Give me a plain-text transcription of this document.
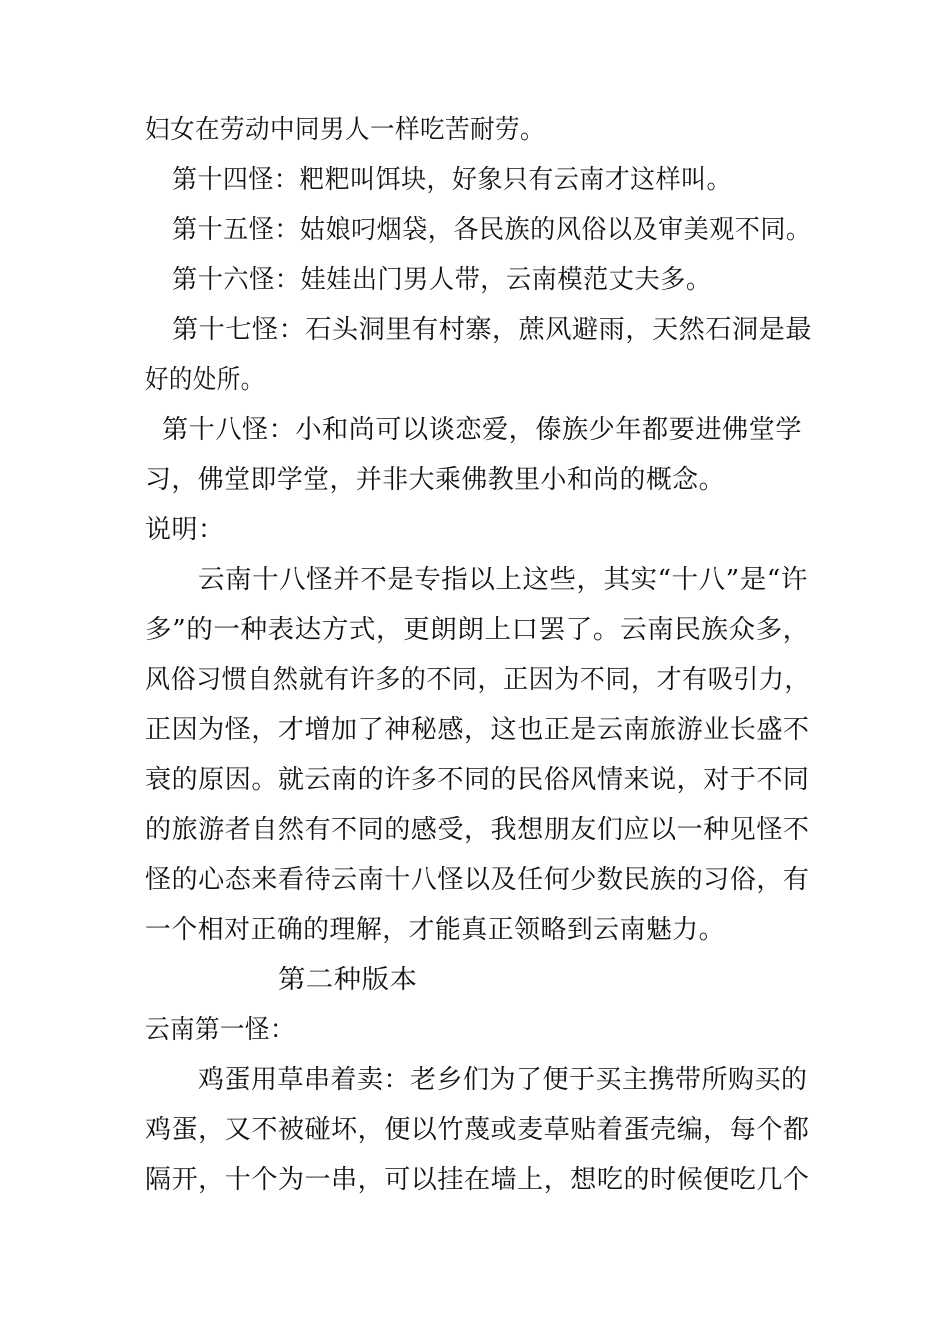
妇女在劳动中同男人一样吃苦耐劳。
第十四怪：粑粑叫饵块，好象只有云南才这样叫。
第十五怪：姑娘叼烟袋，各民族的风俗以及审美观不同。
第十六怪：娃娃出门男人带，云南模范丈夫多。
第十七怪：石头洞里有村寨，蔗风避雨，天然石洞是最
好的处所。
第十八怪：小和尚可以谈恋爱，傣族少年都要进佛堂学
习，佛堂即学堂，并非大乘佛教里小和尚的概念。
说明：
云南十八怪并不是专指以上这些，其实“十八”是“许
多”的一种表达方式，更朗朗上口罢了。云南民族众多，
风俗习惯自然就有许多的不同，正因为不同，才有吸引力，
正因为怪，才增加了神秘感，这也正是云南旅游业长盛不
衰的原因。就云南的许多不同的民俗风情来说，对于不同
的旅游者自然有不同的感受，我想朋友们应以一种见怪不
怪的心态来看待云南十八怪以及任何少数民族的习俗，有
一个相对正确的理解，才能真正领略到云南魅力。
第二种版本
云南第一怪：
鸡蛋用草串着卖：老乡们为了便于买主携带所购买的
鸡蛋，又不被碰坏，便以竹蔑或麦草贴着蛋壳编，每个都
隔开，十个为一串，可以挂在墙上，想吃的时候便吃几个
